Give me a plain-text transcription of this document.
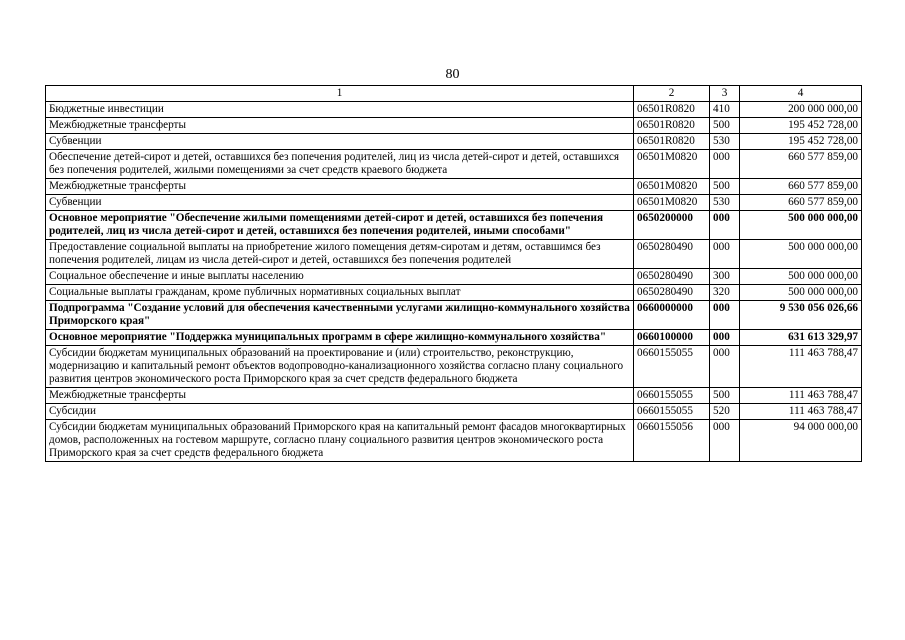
80
1	2	3	4
Бюджетные инвестиции	06501R0820	410	200 000 000,00
Межбюджетные трансферты	06501R0820	500	195 452 728,00
Субвенции	06501R0820	530	195 452 728,00
Обеспечение детей-сирот и детей, оставшихся без попечения родителей, лиц из числа детей-сирот и детей, оставшихся без попечения родителей, жилыми помещениями за счет средств краевого бюджета	06501M0820	000	660 577 859,00
Межбюджетные трансферты	06501M0820	500	660 577 859,00
Субвенции	06501M0820	530	660 577 859,00
Основное мероприятие "Обеспечение жилыми помещениями детей-сирот и детей, оставшихся без попечения родителей, лиц из числа детей-сирот и детей, оставшихся без попечения родителей, иными способами"	0650200000	000	500 000 000,00
Предоставление социальной выплаты на приобретение жилого помещения детям-сиротам и детям, оставшимся без попечения родителей, лицам из числа детей-сирот и детей, оставшихся без попечения родителей	0650280490	000	500 000 000,00
Социальное обеспечение и иные выплаты населению	0650280490	300	500 000 000,00
Социальные выплаты гражданам, кроме публичных нормативных социальных выплат	0650280490	320	500 000 000,00
Подпрограмма "Создание условий для обеспечения качественными услугами жилищно-коммунального хозяйства Приморского края"	0660000000	000	9 530 056 026,66
Основное мероприятие "Поддержка муниципальных программ в сфере жилищно-коммунального хозяйства"	0660100000	000	631 613 329,97
Субсидии бюджетам муниципальных образований на проектирование и (или) строительство, реконструкцию, модернизацию и капитальный ремонт объектов водопроводно-канализационного хозяйства согласно плану социального развития центров экономического роста Приморского края за счет средств федерального бюджета	0660155055	000	111 463 788,47
Межбюджетные трансферты	0660155055	500	111 463 788,47
Субсидии	0660155055	520	111 463 788,47
Субсидии бюджетам муниципальных образований Приморского края на капитальный ремонт фасадов многоквартирных домов, расположенных на гостевом маршруте, согласно плану социального развития центров экономического роста Приморского края за счет средств федерального бюджета	0660155056	000	94 000 000,00
